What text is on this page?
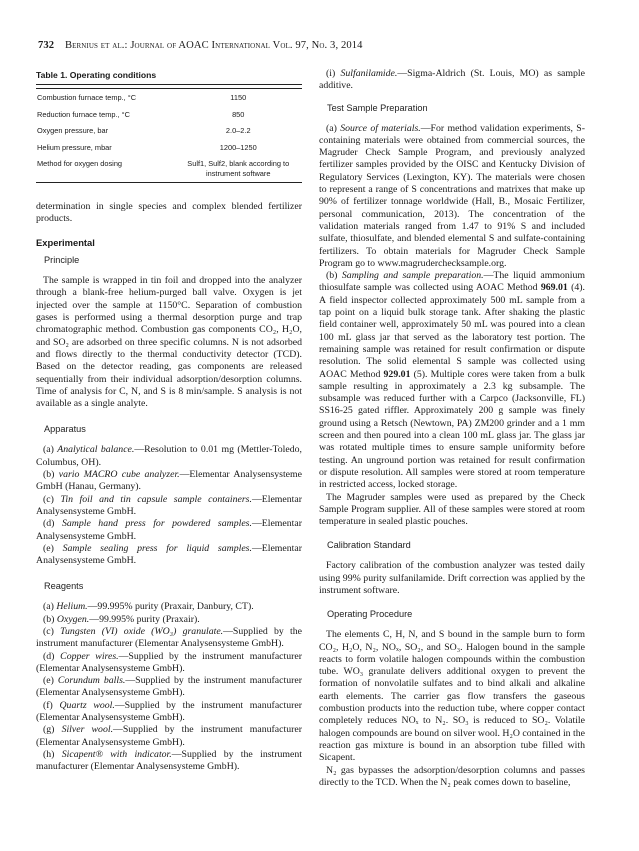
732 Bernius et al.: Journal of AOAC International Vol. 97, No. 3, 2014
Table 1. Operating conditions
Combustion furnace temp., °C	1150
Reduction furnace temp., °C	850
Oxygen pressure, bar	2.0–2.2
Helium pressure, mbar	1200–1250
Method for oxygen dosing	Sulf1, Sulf2, blank according to instrument software

determination in single species and complex blended fertilizer products.

Experimental
Principle

The sample is wrapped in tin foil and dropped into the analyzer through a blank-free helium-purged ball valve. Oxygen is jet injected over the sample at 1150°C. Separation of combustion gases is performed using a thermal desorption purge and trap chromatographic method. Combustion gas components CO₂, H₂O, and SO₂ are adsorbed on three specific columns. N is not adsorbed and flows directly to the thermal conductivity detector (TCD). Based on the detector reading, gas components are released sequentially from their individual adsorption/desorption columns. Time of analysis for C, N, and S is 8 min/sample. S analysis is not available as a single analyte.

Apparatus

(a) Analytical balance.—Resolution to 0.01 mg (Mettler-Toledo, Columbus, OH).

(b) vario MACRO cube analyzer.—Elementar Analysensysteme GmbH (Hanau, Germany).

(c) Tin foil and tin capsule sample containers.—Elementar Analysensysteme GmbH.

(d) Sample hand press for powdered samples.—Elementar Analysensysteme GmbH.

(e) Sample sealing press for liquid samples.—Elementar Analysensysteme GmbH.

Reagents

(a) Helium.—99.995% purity (Praxair, Danbury, CT).

(b) Oxygen.—99.995% purity (Praxair).

(c) Tungsten (VI) oxide (WO₃) granulate.—Supplied by the instrument manufacturer (Elementar Analysensysteme GmbH).

(d) Copper wires.—Supplied by the instrument manufacturer (Elementar Analysensysteme GmbH).

(e) Corundum balls.—Supplied by the instrument manufacturer (Elementar Analysensysteme GmbH).

(f) Quartz wool.—Supplied by the instrument manufacturer (Elementar Analysensysteme GmbH).

(g) Silver wool.—Supplied by the instrument manufacturer (Elementar Analysensysteme GmbH).

(h) Sicapent® with indicator.—Supplied by the instrument manufacturer (Elementar Analysensysteme GmbH).

(i) Sulfanilamide.—Sigma-Aldrich (St. Louis, MO) as sample additive.

Test Sample Preparation

(a) Source of materials.—For method validation experiments, S-containing materials were obtained from commercial sources, the Magruder Check Sample Program, and previously analyzed fertilizer samples provided by the OISC and Kentucky Division of Regulatory Services (Lexington, KY). The materials were chosen to represent a range of S concentrations and matrixes that make up 90% of fertilizer tonnage worldwide (Hall, B., Mosaic Fertilizer, personal communication, 2013). The concentration of the validation materials ranged from 1.47 to 91% S and included sulfate, thiosulfate, and blended elemental S and sulfate-containing fertilizers. To obtain materials for Magruder Check Sample Program go to www.magruderchecksample.org.

(b) Sampling and sample preparation.—The liquid ammonium thiosulfate sample was collected using AOAC Method 969.01 (4). A field inspector collected approximately 500 mL sample from a tap point on a liquid bulk storage tank. After shaking the plastic field container well, approximately 50 mL was poured into a clean 100 mL glass jar that served as the laboratory test portion. The remaining sample was retained for result confirmation or dispute resolution. The solid elemental S sample was collected using AOAC Method 929.01 (5). Multiple cores were taken from a bulk sample resulting in approximately a 2.3 kg subsample. The subsample was reduced further with a Carpco (Jacksonville, FL) SS16-25 gated riffler. Approximately 200 g sample was finely ground using a Retsch (Newtown, PA) ZM200 grinder and a 1 mm screen and then poured into a clean 100 mL glass jar. The glass jar was rotated multiple times to ensure sample uniformity before testing. An unground portion was retained for result confirmation or dispute resolution. All samples were stored at room temperature in restricted access, locked storage.

The Magruder samples were used as prepared by the Check Sample Program supplier. All of these samples were stored at room temperature in sealed plastic pouches.

Calibration Standard

Factory calibration of the combustion analyzer was tested daily using 99% purity sulfanilamide. Drift correction was applied by the instrument software.

Operating Procedure

The elements C, H, N, and S bound in the sample burn to form CO₂, H₂O, N₂, NOₓ, SO₂, and SO₃. Halogen bound in the sample reacts to form volatile halogen compounds within the combustion tube. WO₃ granulate delivers additional oxygen to prevent the formation of nonvolatile sulfates and to bind alkali and alkaline earth elements. The carrier gas flow transfers the gaseous combustion products into the reduction tube, where copper contact completely reduces NOₓ to N₂. SO₃ is reduced to SO₂. Volatile halogen compounds are bound on silver wool. H₂O contained in the reaction gas mixture is bound in an absorption tube filled with Sicapent.

N₂ gas bypasses the adsorption/desorption columns and passes directly to the TCD. When the N₂ peak comes down to baseline,
